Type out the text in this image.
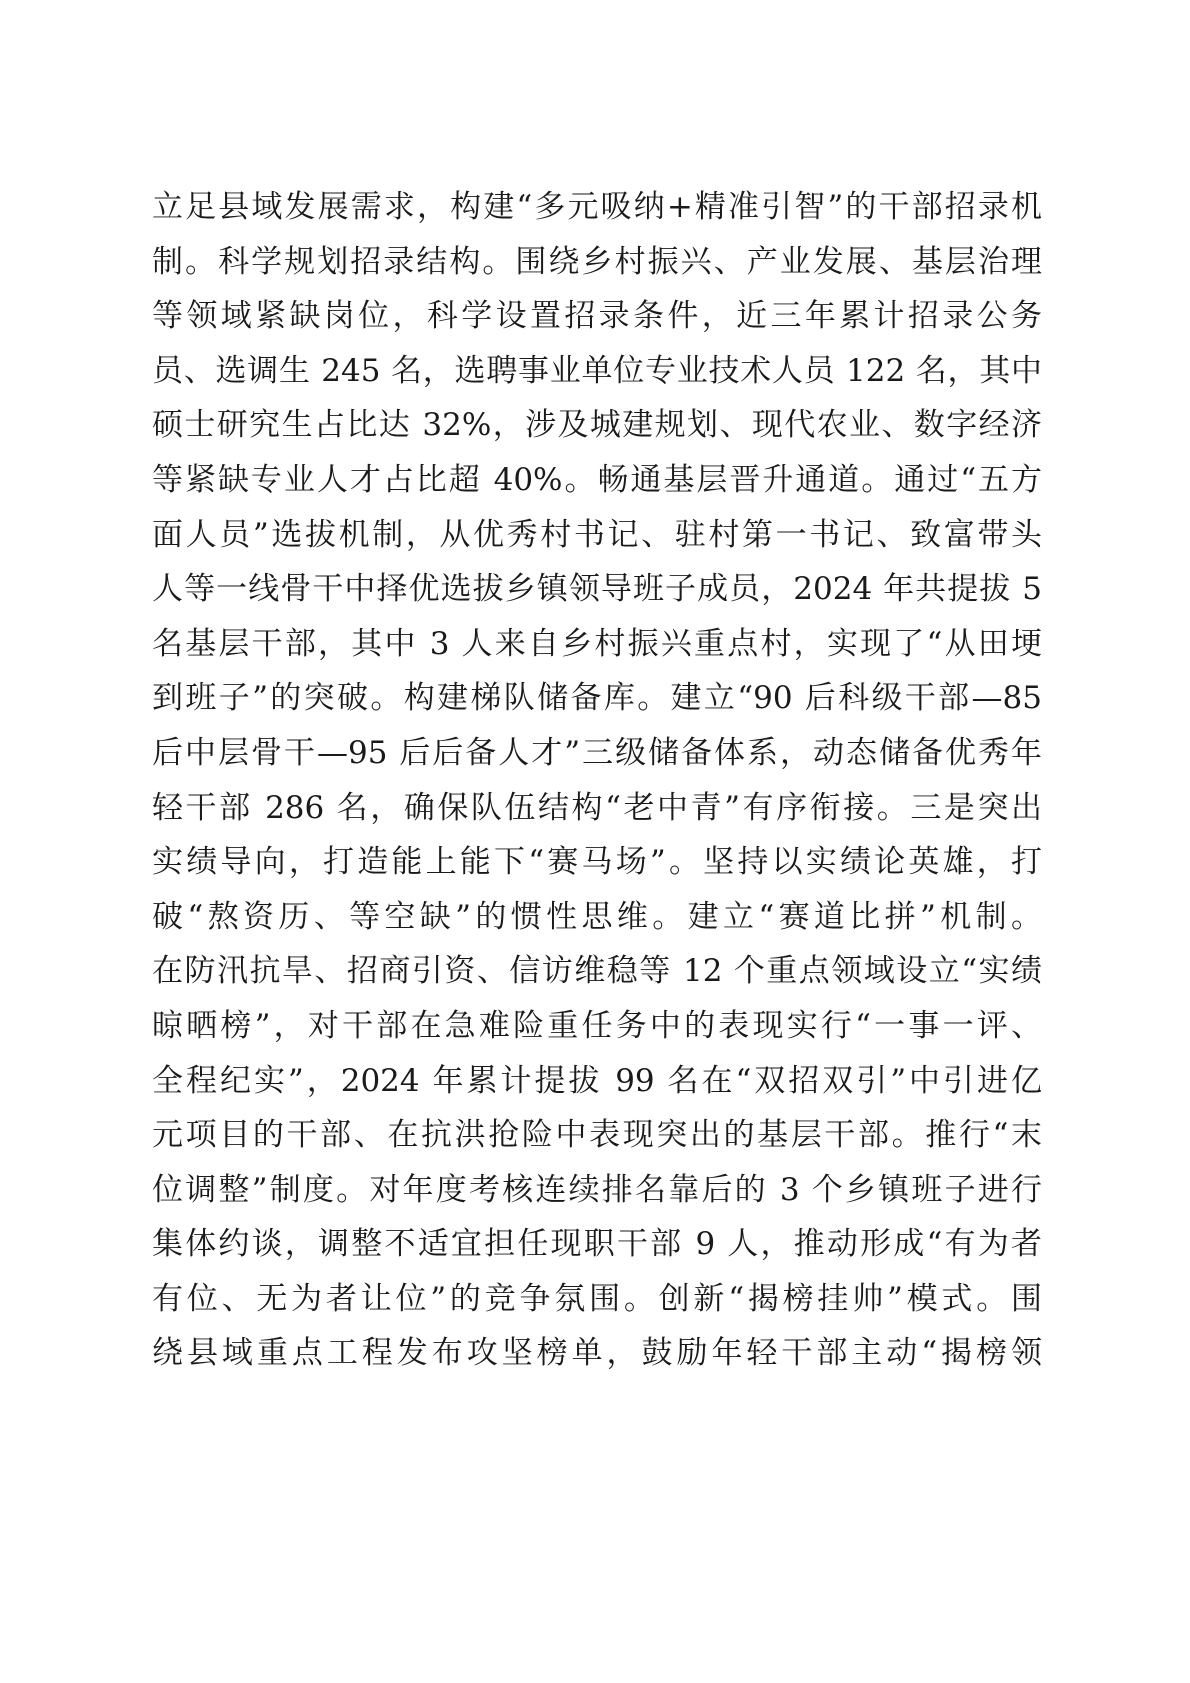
立足县域发展需求，构建“多元吸纳+精准引智”的干部招录机
制。科学规划招录结构。围绕乡村振兴、产业发展、基层治理
等领域紧缺岗位，科学设置招录条件，近三年累计招录公务
员、选调生 245 名，选聘事业单位专业技术人员 122 名，其中
硕士研究生占比达 32%，涉及城建规划、现代农业、数字经济
等紧缺专业人才占比超 40%。畅通基层晋升通道。通过“五方
面人员”选拔机制，从优秀村书记、驻村第一书记、致富带头
人等一线骨干中择优选拔乡镇领导班子成员，2024 年共提拔 5
名基层干部，其中 3 人来自乡村振兴重点村，实现了“从田埂
到班子”的突破。构建梯队储备库。建立“90 后科级干部—85
后中层骨干—95 后后备人才”三级储备体系，动态储备优秀年
轻干部 286 名，确保队伍结构“老中青”有序衔接。三是突出
实绩导向，打造能上能下“赛马场”。坚持以实绩论英雄，打
破“熬资历、等空缺”的惯性思维。建立“赛道比拼”机制。
在防汛抗旱、招商引资、信访维稳等 12 个重点领域设立“实绩
晾晒榜”，对干部在急难险重任务中的表现实行“一事一评、
全程纪实”，2024 年累计提拔 99 名在“双招双引”中引进亿
元项目的干部、在抗洪抢险中表现突出的基层干部。推行“末
位调整”制度。对年度考核连续排名靠后的 3 个乡镇班子进行
集体约谈，调整不适宜担任现职干部 9 人，推动形成“有为者
有位、无为者让位”的竞争氛围。创新“揭榜挂帅”模式。围
绕县域重点工程发布攻坚榜单，鼓励年轻干部主动“揭榜领
